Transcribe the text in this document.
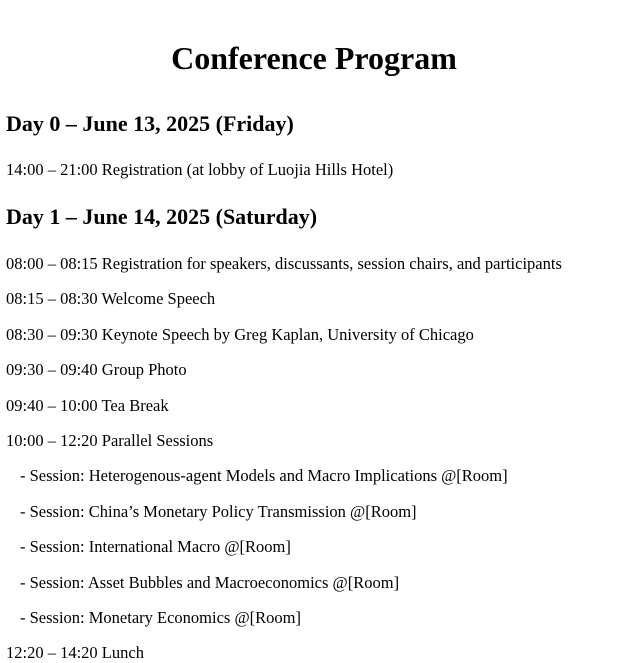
Conference Program
Day 0 – June 13, 2025 (Friday)
14:00 – 21:00 Registration (at lobby of Luojia Hills Hotel)
Day 1 – June 14, 2025 (Saturday)
08:00 – 08:15 Registration for speakers, discussants, session chairs, and participants
08:15 – 08:30 Welcome Speech
08:30 – 09:30 Keynote Speech by Greg Kaplan, University of Chicago
09:30 – 09:40 Group Photo
09:40 – 10:00 Tea Break
10:00 – 12:20 Parallel Sessions
- Session: Heterogenous-agent Models and Macro Implications @[Room]
- Session: China’s Monetary Policy Transmission @[Room]
- Session: International Macro @[Room]
- Session: Asset Bubbles and Macroeconomics @[Room]
- Session: Monetary Economics @[Room]
12:20 – 14:20 Lunch
